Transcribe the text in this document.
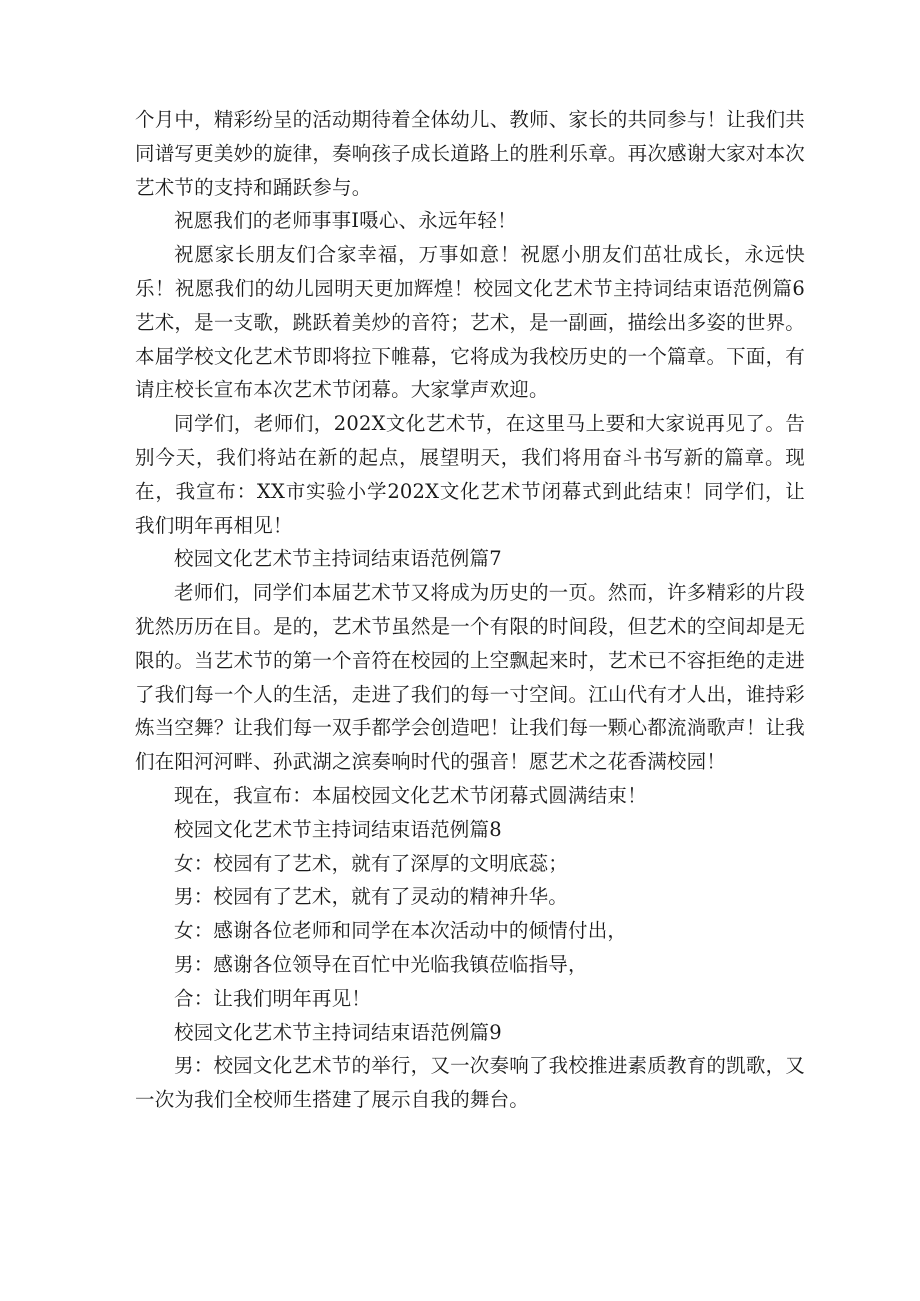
个月中，精彩纷呈的活动期待着全体幼儿、教师、家长的共同参与！让我们共同谱写更美妙的旋律，奏响孩子成长道路上的胜利乐章。再次感谢大家对本次艺术节的支持和踊跃参与。

祝愿我们的老师事事I嗫心、永远年轻！

祝愿家长朋友们合家幸福，万事如意！祝愿小朋友们茁壮成长，永远快乐！祝愿我们的幼儿园明天更加辉煌！校园文化艺术节主持词结束语范例篇6艺术，是一支歌，跳跃着美炒的音符；艺术，是一副画，描绘出多姿的世界。本届学校文化艺术节即将拉下帷幕，它将成为我校历史的一个篇章。下面，有请庄校长宣布本次艺术节闭幕。大家掌声欢迎。

同学们，老师们，202X文化艺术节，在这里马上要和大家说再见了。告别今天，我们将站在新的起点，展望明天，我们将用奋斗书写新的篇章。现在，我宣布：XX市实验小学202X文化艺术节闭幕式到此结束！同学们，让我们明年再相见！

校园文化艺术节主持词结束语范例篇7

老师们，同学们本届艺术节又将成为历史的一页。然而，许多精彩的片段犹然历历在目。是的，艺术节虽然是一个有限的时间段，但艺术的空间却是无限的。当艺术节的第一个音符在校园的上空飘起来时，艺术已不容拒绝的走进了我们每一个人的生活，走进了我们的每一寸空间。江山代有才人出，谁持彩炼当空舞？让我们每一双手都学会创造吧！让我们每一颗心都流淌歌声！让我们在阳河河畔、孙武湖之滨奏响时代的强音！愿艺术之花香满校园！

现在，我宣布：本届校园文化艺术节闭幕式圆满结束！

校园文化艺术节主持词结束语范例篇8

女：校园有了艺术，就有了深厚的文明底蕊；

男：校园有了艺术，就有了灵动的精神升华。

女：感谢各位老师和同学在本次活动中的倾情付出，

男：感谢各位领导在百忙中光临我镇莅临指导，

合：让我们明年再见！

校园文化艺术节主持词结束语范例篇9

男：校园文化艺术节的举行，又一次奏响了我校推进素质教育的凯歌，又一次为我们全校师生搭建了展示自我的舞台。
